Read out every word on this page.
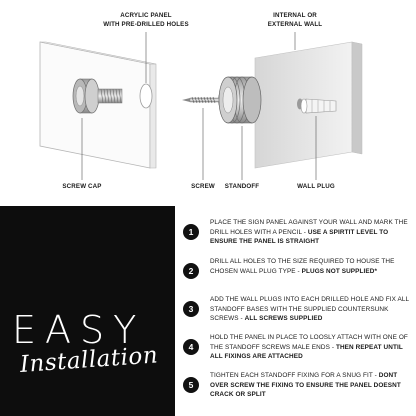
ACRYLIC PANEL
WITH PRE-DRILLED HOLES
INTERNAL OR
EXTERNAL WALL
SCREW CAP	SCREW	STANDOFF	WALL PLUG
EASY
Installation
1
PLACE THE SIGN PANEL AGAINST YOUR WALL AND MARK THE DRILL HOLES WITH A PENCIL - USE A SPIRTIT LEVEL TO ENSURE THE PANEL IS STRAIGHT
2
DRILL ALL HOLES TO THE SIZE REQUIRED TO HOUSE THE CHOSEN WALL PLUG TYPE - PLUGS NOT SUPPLIED*
3
ADD THE WALL PLUGS INTO EACH DRILLED HOLE AND FIX ALL STANDOFF BASES WITH THE SUPPLIED COUNTERSUNK SCREWS - ALL SCREWS SUPPLIED
4
HOLD THE PANEL IN PLACE TO LOOSLY ATTACH WITH ONE OF THE STANDOFF SCREWS MALE ENDS - THEN REPEAT UNTIL ALL FIXINGS ARE ATTACHED
5
TIGHTEN EACH STANDOFF FIXING FOR A SNUG FIT - DONT OVER SCREW THE FIXING TO ENSURE THE PANEL DOESNT CRACK OR SPLIT
